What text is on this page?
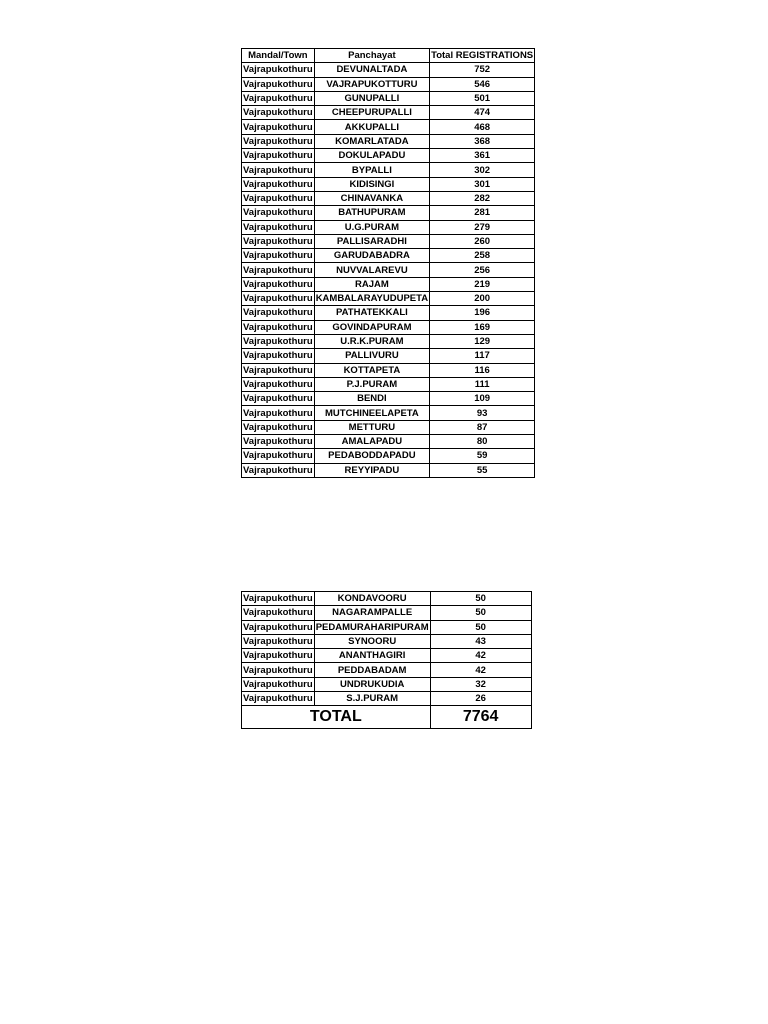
Mandal/Town	Panchayat	Total REGISTRATIONS
Vajrapukothuru	DEVUNALTADA	752
Vajrapukothuru	VAJRAPUKOTTURU	546
Vajrapukothuru	GUNUPALLI	501
Vajrapukothuru	CHEEPURUPALLI	474
Vajrapukothuru	AKKUPALLI	468
Vajrapukothuru	KOMARLATADA	368
Vajrapukothuru	DOKULAPADU	361
Vajrapukothuru	BYPALLI	302
Vajrapukothuru	KIDISINGI	301
Vajrapukothuru	CHINAVANKA	282
Vajrapukothuru	BATHUPURAM	281
Vajrapukothuru	U.G.PURAM	279
Vajrapukothuru	PALLISARADHI	260
Vajrapukothuru	GARUDABADRA	258
Vajrapukothuru	NUVVALAREVU	256
Vajrapukothuru	RAJAM	219
Vajrapukothuru	KAMBALARAYUDUPETA	200
Vajrapukothuru	PATHATEKKALI	196
Vajrapukothuru	GOVINDAPURAM	169
Vajrapukothuru	U.R.K.PURAM	129
Vajrapukothuru	PALLIVURU	117
Vajrapukothuru	KOTTAPETA	116
Vajrapukothuru	P.J.PURAM	111
Vajrapukothuru	BENDI	109
Vajrapukothuru	MUTCHINEELAPETA	93
Vajrapukothuru	METTURU	87
Vajrapukothuru	AMALAPADU	80
Vajrapukothuru	PEDABODDAPADU	59
Vajrapukothuru	REYYIPADU	55
Vajrapukothuru	KONDAVOORU	50
Vajrapukothuru	NAGARAMPALLE	50
Vajrapukothuru	PEDAMURAHARIPURAM	50
Vajrapukothuru	SYNOORU	43
Vajrapukothuru	ANANTHAGIRI	42
Vajrapukothuru	PEDDABADAM	42
Vajrapukothuru	UNDRUKUDIA	32
Vajrapukothuru	S.J.PURAM	26
TOTAL		7764
